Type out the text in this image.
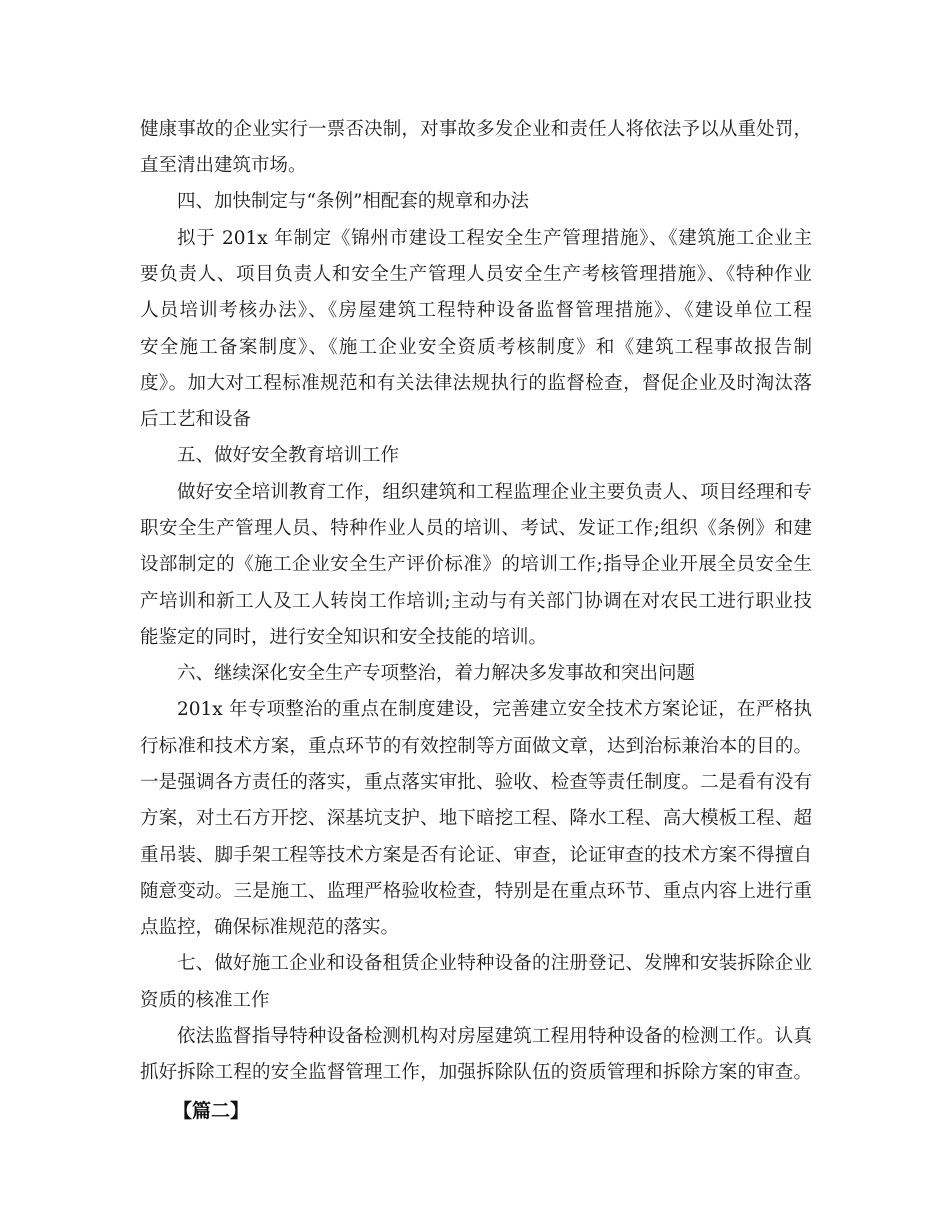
健康事故的企业实行一票否决制，对事故多发企业和责任人将依法予以从重处罚，
直至清出建筑市场。
四、加快制定与“条例”相配套的规章和办法
拟于 201x 年制定《锦州市建设工程安全生产管理措施》、《建筑施工企业主
要负责人、项目负责人和安全生产管理人员安全生产考核管理措施》、《特种作业
人员培训考核办法》、《房屋建筑工程特种设备监督管理措施》、《建设单位工程
安全施工备案制度》、《施工企业安全资质考核制度》和《建筑工程事故报告制
度》。加大对工程标准规范和有关法律法规执行的监督检查，督促企业及时淘汰落
后工艺和设备
五、做好安全教育培训工作
做好安全培训教育工作，组织建筑和工程监理企业主要负责人、项目经理和专
职安全生产管理人员、特种作业人员的培训、考试、发证工作;组织《条例》和建
设部制定的《施工企业安全生产评价标准》的培训工作;指导企业开展全员安全生
产培训和新工人及工人转岗工作培训;主动与有关部门协调在对农民工进行职业技
能鉴定的同时，进行安全知识和安全技能的培训。
六、继续深化安全生产专项整治，着力解决多发事故和突出问题
201x 年专项整治的重点在制度建设，完善建立安全技术方案论证，在严格执
行标准和技术方案，重点环节的有效控制等方面做文章，达到治标兼治本的目的。
一是强调各方责任的落实，重点落实审批、验收、检查等责任制度。二是看有没有
方案，对土石方开挖、深基坑支护、地下暗挖工程、降水工程、高大模板工程、超
重吊装、脚手架工程等技术方案是否有论证、审查，论证审查的技术方案不得擅自
随意变动。三是施工、监理严格验收检查，特别是在重点环节、重点内容上进行重
点监控，确保标准规范的落实。
七、做好施工企业和设备租赁企业特种设备的注册登记、发牌和安装拆除企业
资质的核准工作
依法监督指导特种设备检测机构对房屋建筑工程用特种设备的检测工作。认真
抓好拆除工程的安全监督管理工作，加强拆除队伍的资质管理和拆除方案的审查。
【篇二】
